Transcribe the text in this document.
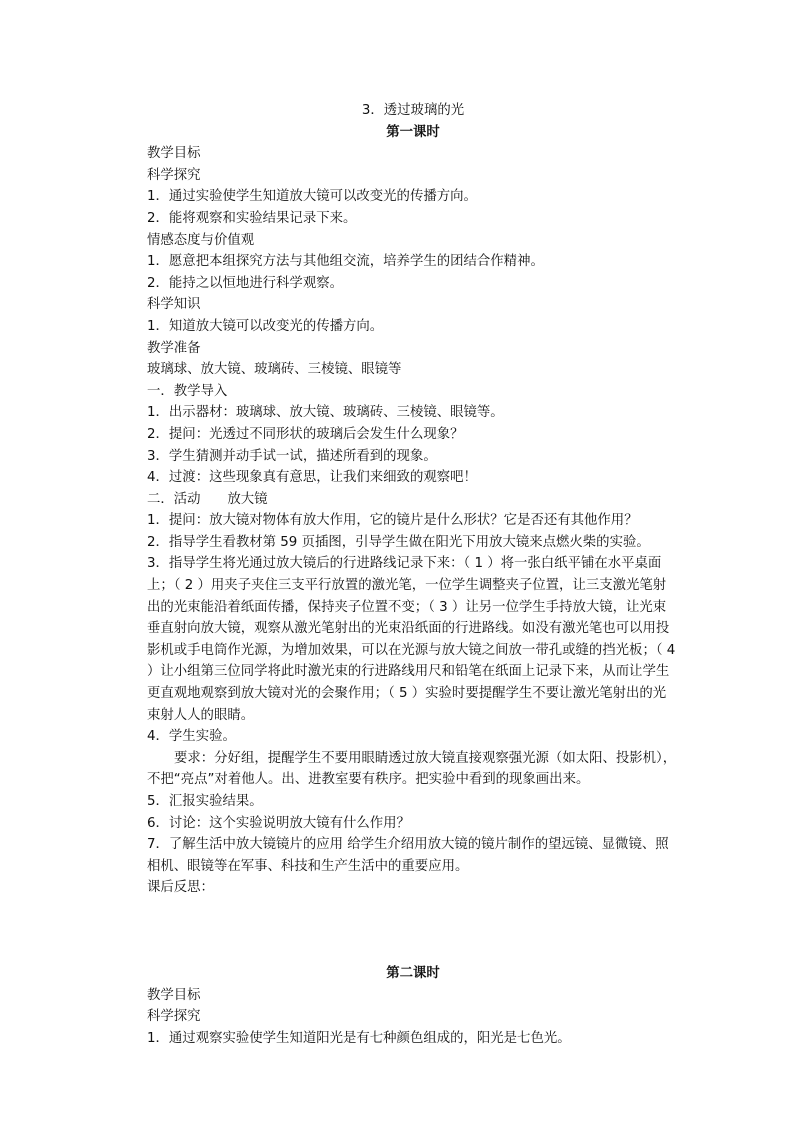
3．透过玻璃的光

第一课时

教学目标

科学探究

1．通过实验使学生知道放大镜可以改变光的传播方向。

2．能将观察和实验结果记录下来。

情感态度与价值观

1．愿意把本组探究方法与其他组交流，培养学生的团结合作精神。

2．能持之以恒地进行科学观察。

科学知识

1．知道放大镜可以改变光的传播方向。

教学准备

玻璃球、放大镜、玻璃砖、三棱镜、眼镜等

一．教学导入

1．出示器材：玻璃球、放大镜、玻璃砖、三棱镜、眼镜等。

2．提问：光透过不同形状的玻璃后会发生什么现象？

3．学生猜测并动手试一试，描述所看到的现象。

4．过渡：这些现象真有意思，让我们来细致的观察吧！

二．活动　　放大镜

1．提问：放大镜对物体有放大作用，它的镜片是什么形状？它是否还有其他作用？

2．指导学生看教材第 59 页插图，引导学生做在阳光下用放大镜来点燃火柴的实验。

3．指导学生将光通过放大镜后的行进路线记录下来：（ 1 ）将一张白纸平铺在水平桌面上；（ 2 ）用夹子夹住三支平行放置的激光笔，一位学生调整夹子位置，让三支激光笔射出的光束能沿着纸面传播，保持夹子位置不变；（ 3 ）让另一位学生手持放大镜，让光束垂直射向放大镜，观察从激光笔射出的光束沿纸面的行进路线。如没有激光笔也可以用投影机或手电筒作光源，为增加效果，可以在光源与放大镜之间放一带孔或缝的挡光板；（ 4 ）让小组第三位同学将此时激光束的行进路线用尺和铅笔在纸面上记录下来，从而让学生更直观地观察到放大镜对光的会聚作用；（ 5 ）实验时要提醒学生不要让激光笔射出的光束射人人的眼睛。

4．学生实验。

要求：分好组，提醒学生不要用眼睛透过放大镜直接观察强光源（如太阳、投影机），不把“亮点”对着他人。出、进教室要有秩序。把实验中看到的现象画出来。

5．汇报实验结果。

6．讨论：这个实验说明放大镜有什么作用？

7．了解生活中放大镜镜片的应用 给学生介绍用放大镜的镜片制作的望远镜、显微镜、照相机、眼镜等在军事、科技和生产生活中的重要应用。

课后反思：

第二课时

教学目标

科学探究

1．通过观察实验使学生知道阳光是有七种颜色组成的，阳光是七色光。
